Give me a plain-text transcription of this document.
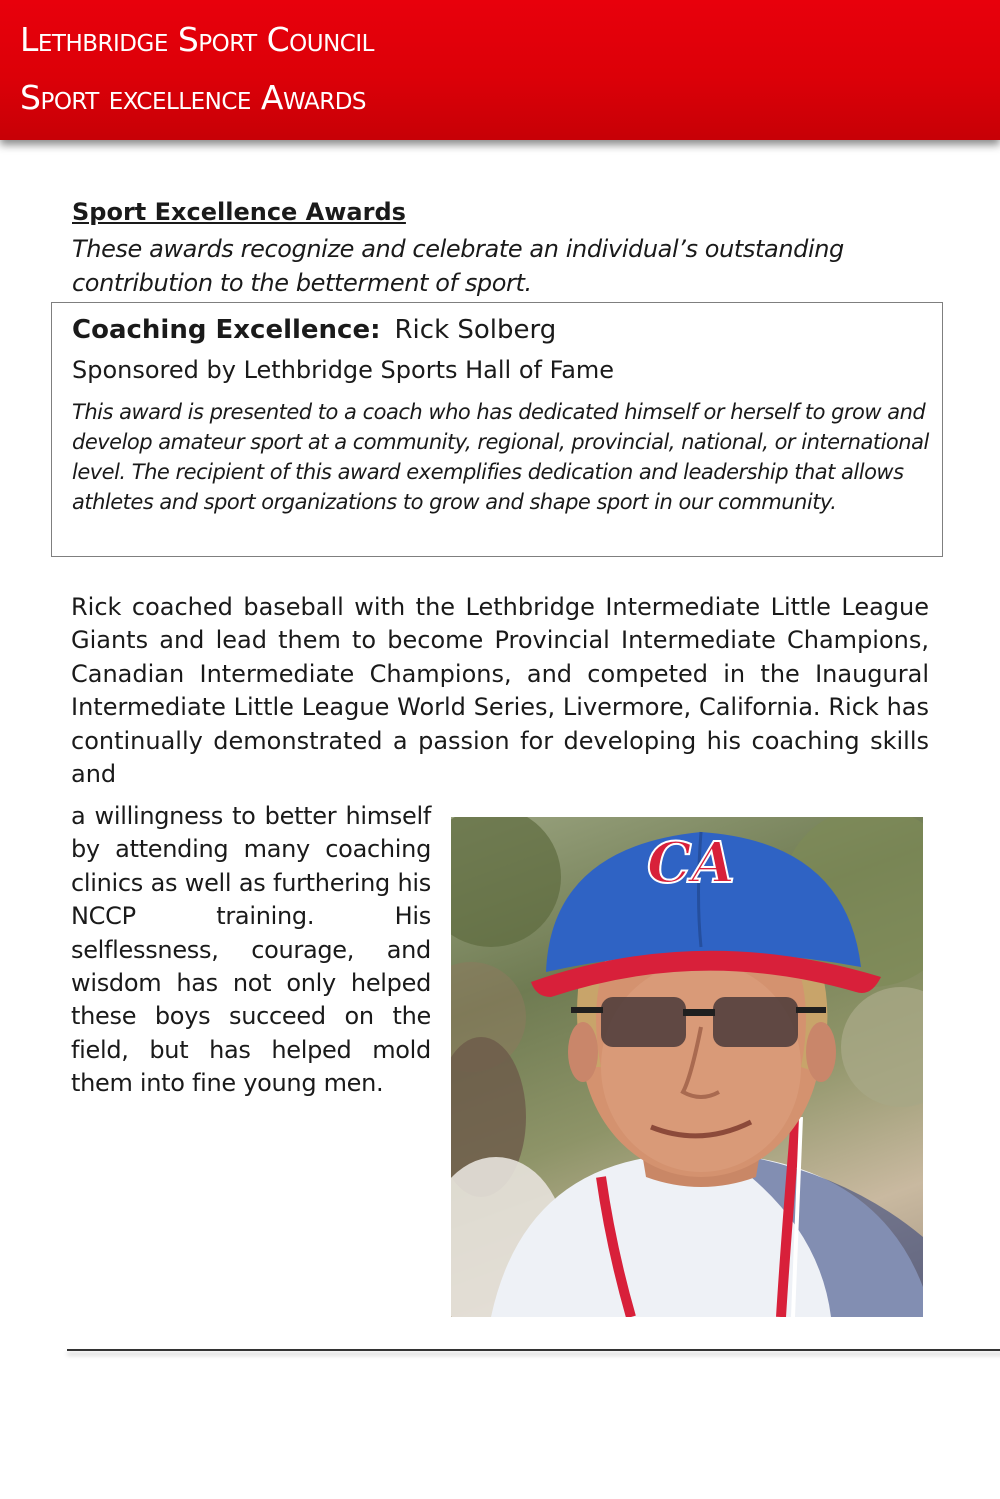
Lethbridge Sport Council
Sport excellence Awards
Sport Excellence Awards
These awards recognize and celebrate an individual’s outstanding contribution to the betterment of sport.
Coaching Excellence: Rick Solberg
Sponsored by Lethbridge Sports Hall of Fame
This award is presented to a coach who has dedicated himself or herself to grow and develop amateur sport at a community, regional, provincial, national, or international level. The recipient of this award exemplifies dedication and leadership that allows athletes and sport organizations to grow and shape sport in our community.
Rick coached baseball with the Lethbridge Intermediate Little League Giants and lead them to become Provincial Intermediate Champions, Canadian Intermediate Champions, and competed in the Inaugural Intermediate Little League World Series, Livermore, California. Rick has continually demonstrated a passion for developing his coaching skills and
a willingness to better himself by attending many coaching clinics as well as furthering his NCCP training. His selflessness, courage, and wisdom has not only helped these boys succeed on the field, but has helped mold them into fine young men.
CA
